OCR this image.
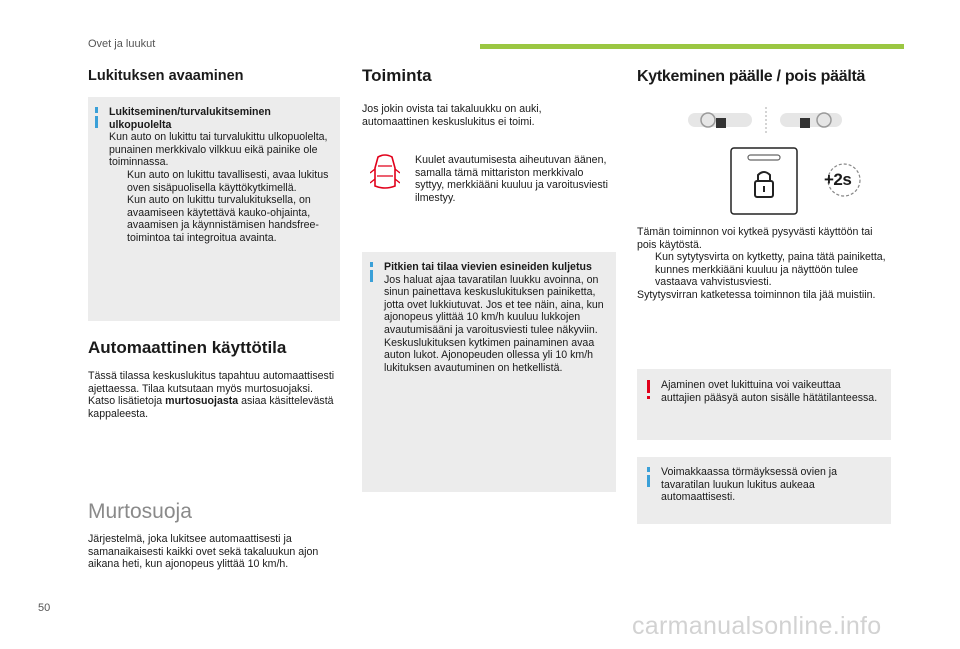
Ovet ja luukut
Lukituksen avaaminen
Lukitseminen/turvalukitseminen ulkopuolelta
Kun auto on lukittu tai turvalukittu ulkopuolelta, punainen merkkivalo vilkkuu eikä painike ole toiminnassa.
Kun auto on lukittu tavallisesti, avaa lukitus oven sisäpuolisella käyttökytkimellä.
Kun auto on lukittu turvalukituksella, on avaamiseen käytettävä kauko-ohjainta, avaamisen ja käynnistämisen handsfree-toimintoa tai integroitua avainta.
Automaattinen käyttötila
Tässä tilassa keskuslukitus tapahtuu automaattisesti ajettaessa. Tilaa kutsutaan myös murtosuojaksi.
Katso lisätietoja murtosuojasta asiaa käsittelevästä kappaleesta.
Murtosuoja
Järjestelmä, joka lukitsee automaattisesti ja samanaikaisesti kaikki ovet sekä takaluukun ajon aikana heti, kun ajonopeus ylittää 10 km/h.
Toiminta
Jos jokin ovista tai takaluukku on auki, automaattinen keskuslukitus ei toimi.
Kuulet avautumisesta aiheutuvan äänen, samalla tämä mittariston merkkivalo syttyy, merkkiääni kuuluu ja varoitusviesti ilmestyy.
Pitkien tai tilaa vievien esineiden kuljetus
Jos haluat ajaa tavaratilan luukku avoinna, on sinun painettava keskuslukituksen painiketta, jotta ovet lukkiutuvat. Jos et tee näin, aina, kun ajonopeus ylittää 10 km/h kuuluu lukkojen avautumisääni ja varoitusviesti tulee näkyviin. Keskuslukituksen kytkimen painaminen avaa auton lukot. Ajonopeuden ollessa yli 10 km/h lukituksen avautuminen on hetkellistä.
Kytkeminen päälle / pois päältä
+2s
Tämän toiminnon voi kytkeä pysyvästi käyttöön tai pois käytöstä.
Kun sytytysvirta on kytketty, paina tätä painiketta, kunnes merkkiääni kuuluu ja näyttöön tulee vastaava vahvistusviesti.
Sytytysvirran katketessa toiminnon tila jää muistiin.
Ajaminen ovet lukittuina voi vaikeuttaa auttajien pääsyä auton sisälle hätätilanteessa.
Voimakkaassa törmäyksessä ovien ja tavaratilan luukun lukitus aukeaa automaattisesti.
50
carmanualsonline.info
